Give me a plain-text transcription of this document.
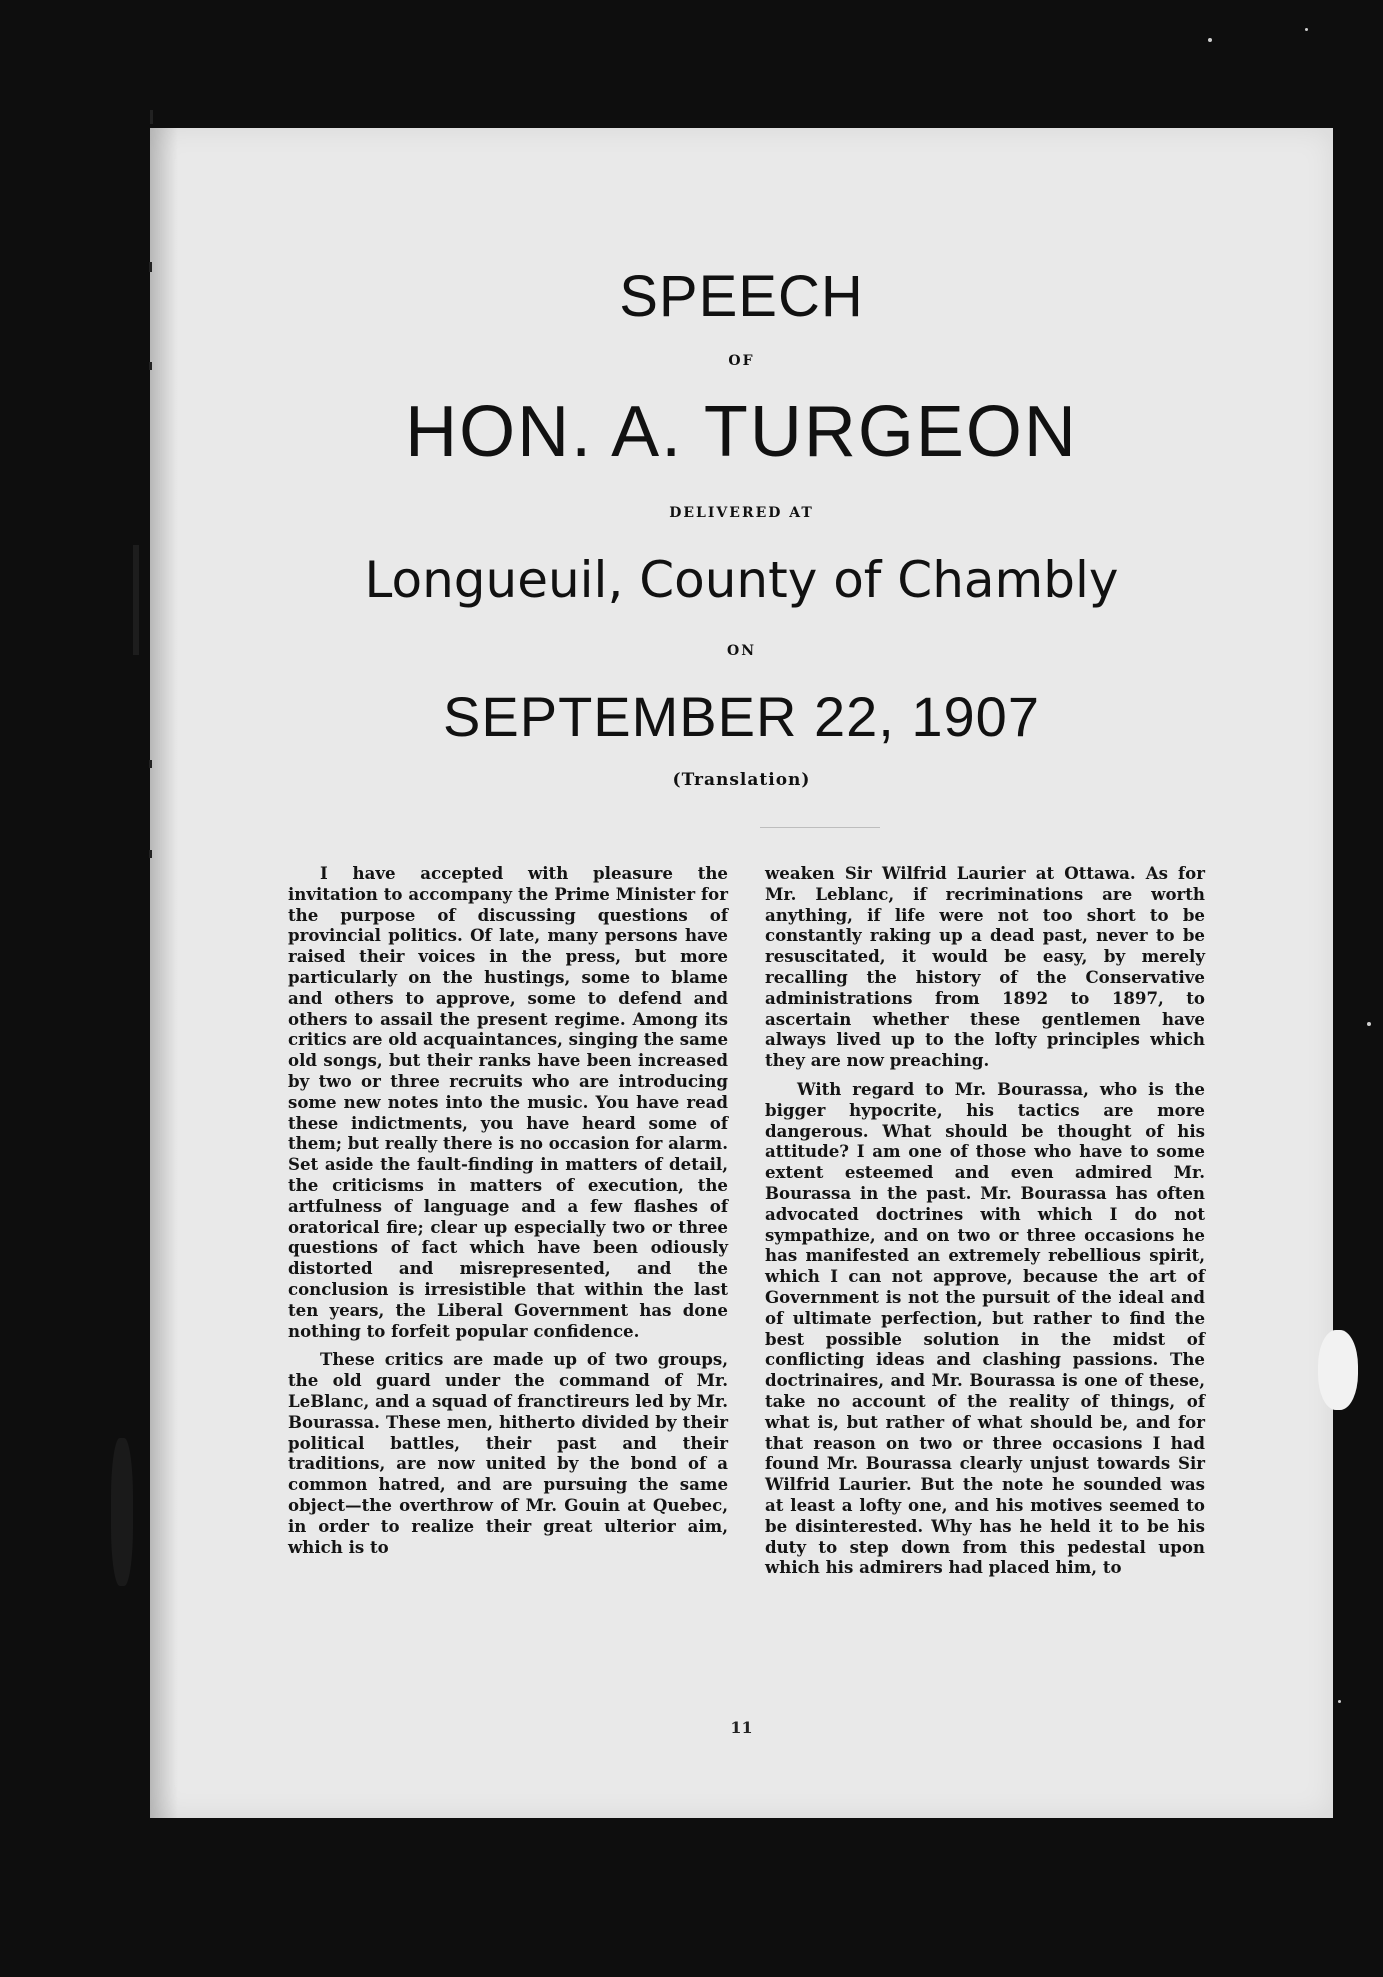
SPEECH
OF
HON. A. TURGEON
DELIVERED AT
Longueuil, County of Chambly
ON
SEPTEMBER 22, 1907
(Translation)

I have accepted with pleasure the invitation to accompany the Prime Minister for the purpose of discussing questions of provincial politics. Of late, many persons have raised their voices in the press, but more particularly on the hustings, some to blame and others to approve, some to defend and others to assail the present regime. Among its critics are old acquaintances, singing the same old songs, but their ranks have been increased by two or three recruits who are introducing some new notes into the music. You have read these indictments, you have heard some of them; but really there is no occasion for alarm. Set aside the fault-finding in matters of detail, the criticisms in matters of execution, the artfulness of language and a few flashes of oratorical fire; clear up especially two or three questions of fact which have been odiously distorted and misrepresented, and the conclusion is irresistible that within the last ten years, the Liberal Government has done nothing to forfeit popular confidence.

These critics are made up of two groups, the old guard under the command of Mr. LeBlanc, and a squad of franctireurs led by Mr. Bourassa. These men, hitherto divided by their political battles, their past and their traditions, are now united by the bond of a common hatred, and are pursuing the same object—the overthrow of Mr. Gouin at Quebec, in order to realize their great ulterior aim, which is to

weaken Sir Wilfrid Laurier at Ottawa. As for Mr. Leblanc, if recriminations are worth anything, if life were not too short to be constantly raking up a dead past, never to be resuscitated, it would be easy, by merely recalling the history of the Conservative administrations from 1892 to 1897, to ascertain whether these gentlemen have always lived up to the lofty principles which they are now preaching.

With regard to Mr. Bourassa, who is the bigger hypocrite, his tactics are more dangerous. What should be thought of his attitude? I am one of those who have to some extent esteemed and even admired Mr. Bourassa in the past. Mr. Bourassa has often advocated doctrines with which I do not sympathize, and on two or three occasions he has manifested an extremely rebellious spirit, which I can not approve, because the art of Government is not the pursuit of the ideal and of ultimate perfection, but rather to find the best possible solution in the midst of conflicting ideas and clashing passions. The doctrinaires, and Mr. Bourassa is one of these, take no account of the reality of things, of what is, but rather of what should be, and for that reason on two or three occasions I had found Mr. Bourassa clearly unjust towards Sir Wilfrid Laurier. But the note he sounded was at least a lofty one, and his motives seemed to be disinterested. Why has he held it to be his duty to step down from this pedestal upon which his admirers had placed him, to

11
